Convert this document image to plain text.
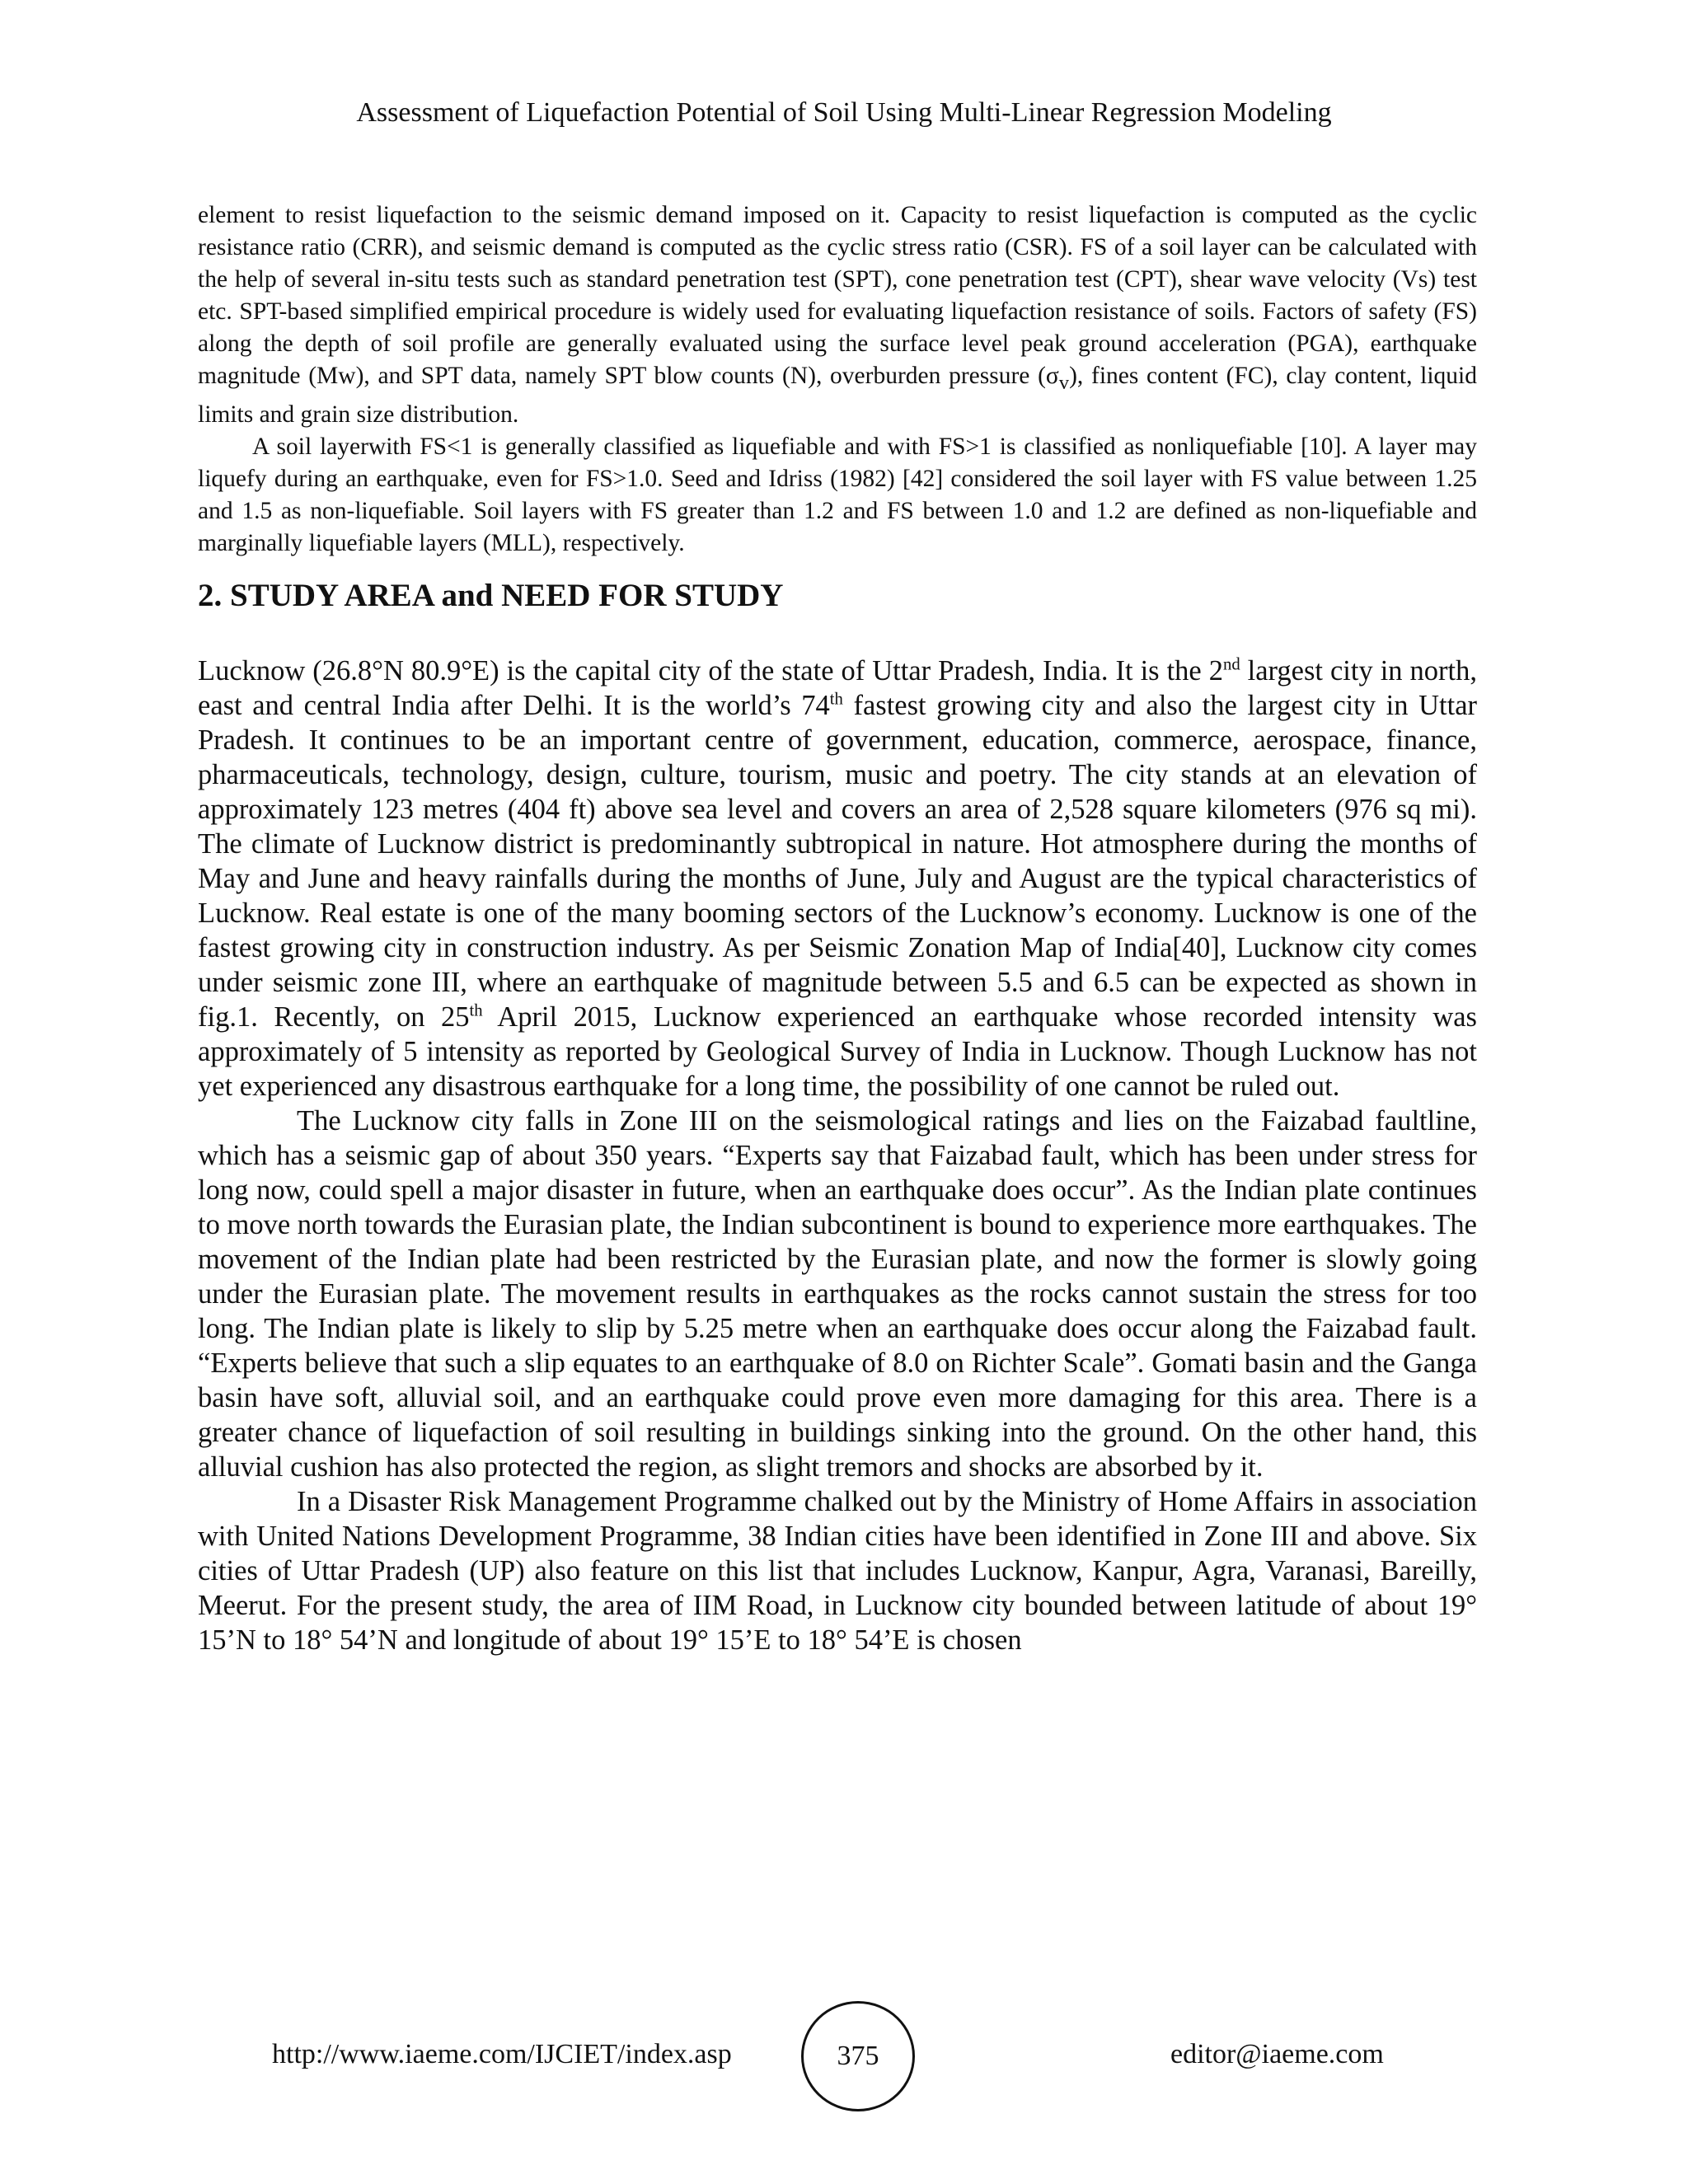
Assessment of Liquefaction Potential of Soil Using Multi-Linear Regression Modeling

element to resist liquefaction to the seismic demand imposed on it. Capacity to resist liquefaction is computed as the cyclic resistance ratio (CRR), and seismic demand is computed as the cyclic stress ratio (CSR). FS of a soil layer can be calculated with the help of several in-situ tests such as standard penetration test (SPT), cone penetration test (CPT), shear wave velocity (Vs) test etc. SPT-based simplified empirical procedure is widely used for evaluating liquefaction resistance of soils. Factors of safety (FS) along the depth of soil profile are generally evaluated using the surface level peak ground acceleration (PGA), earthquake magnitude (Mw), and SPT data, namely SPT blow counts (N), overburden pressure $(\sigma_v)$, fines content (FC), clay content, liquid limits and grain size distribution.

A soil layerwith FS<1 is generally classified as liquefiable and with FS>1 is classified as nonliquefiable [10]. A layer may liquefy during an earthquake, even for FS>1.0. Seed and Idriss (1982) [42] considered the soil layer with FS value between 1.25 and 1.5 as non-liquefiable. Soil layers with FS greater than 1.2 and FS between 1.0 and 1.2 are defined as non-liquefiable and marginally liquefiable layers (MLL), respectively.

2. STUDY AREA and NEED FOR STUDY

Lucknow (26.8°N 80.9°E) is the capital city of the state of Uttar Pradesh, India. It is the 2nd largest city in north, east and central India after Delhi. It is the world’s 74th fastest growing city and also the largest city in Uttar Pradesh. It continues to be an important centre of government, education, commerce, aerospace, finance, pharmaceuticals, technology, design, culture, tourism, music and poetry. The city stands at an elevation of approximately 123 metres (404 ft) above sea level and covers an area of 2,528 square kilometers (976 sq mi). The climate of Lucknow district is predominantly subtropical in nature. Hot atmosphere during the months of May and June and heavy rainfalls during the months of June, July and August are the typical characteristics of Lucknow. Real estate is one of the many booming sectors of the Lucknow’s economy. Lucknow is one of the fastest growing city in construction industry. As per Seismic Zonation Map of India[40], Lucknow city comes under seismic zone III, where an earthquake of magnitude between 5.5 and 6.5 can be expected as shown in fig.1. Recently, on 25th April 2015, Lucknow experienced an earthquake whose recorded intensity was approximately of 5 intensity as reported by Geological Survey of India in Lucknow. Though Lucknow has not yet experienced any disastrous earthquake for a long time, the possibility of one cannot be ruled out.

The Lucknow city falls in Zone III on the seismological ratings and lies on the Faizabad faultline, which has a seismic gap of about 350 years. “Experts say that Faizabad fault, which has been under stress for long now, could spell a major disaster in future, when an earthquake does occur”. As the Indian plate continues to move north towards the Eurasian plate, the Indian subcontinent is bound to experience more earthquakes. The movement of the Indian plate had been restricted by the Eurasian plate, and now the former is slowly going under the Eurasian plate. The movement results in earthquakes as the rocks cannot sustain the stress for too long. The Indian plate is likely to slip by 5.25 metre when an earthquake does occur along the Faizabad fault. “Experts believe that such a slip equates to an earthquake of 8.0 on Richter Scale”. Gomati basin and the Ganga basin have soft, alluvial soil, and an earthquake could prove even more damaging for this area. There is a greater chance of liquefaction of soil resulting in buildings sinking into the ground. On the other hand, this alluvial cushion has also protected the region, as slight tremors and shocks are absorbed by it.

In a Disaster Risk Management Programme chalked out by the Ministry of Home Affairs in association with United Nations Development Programme, 38 Indian cities have been identified in Zone III and above. Six cities of Uttar Pradesh (UP) also feature on this list that includes Lucknow, Kanpur, Agra, Varanasi, Bareilly, Meerut. For the present study, the area of IIM Road, in Lucknow city bounded between latitude of about 19° 15’N to 18° 54’N and longitude of about 19° 15’E to 18° 54’E is chosen

http://www.iaeme.com/IJCIET/index.asp	375	editor@iaeme.com
